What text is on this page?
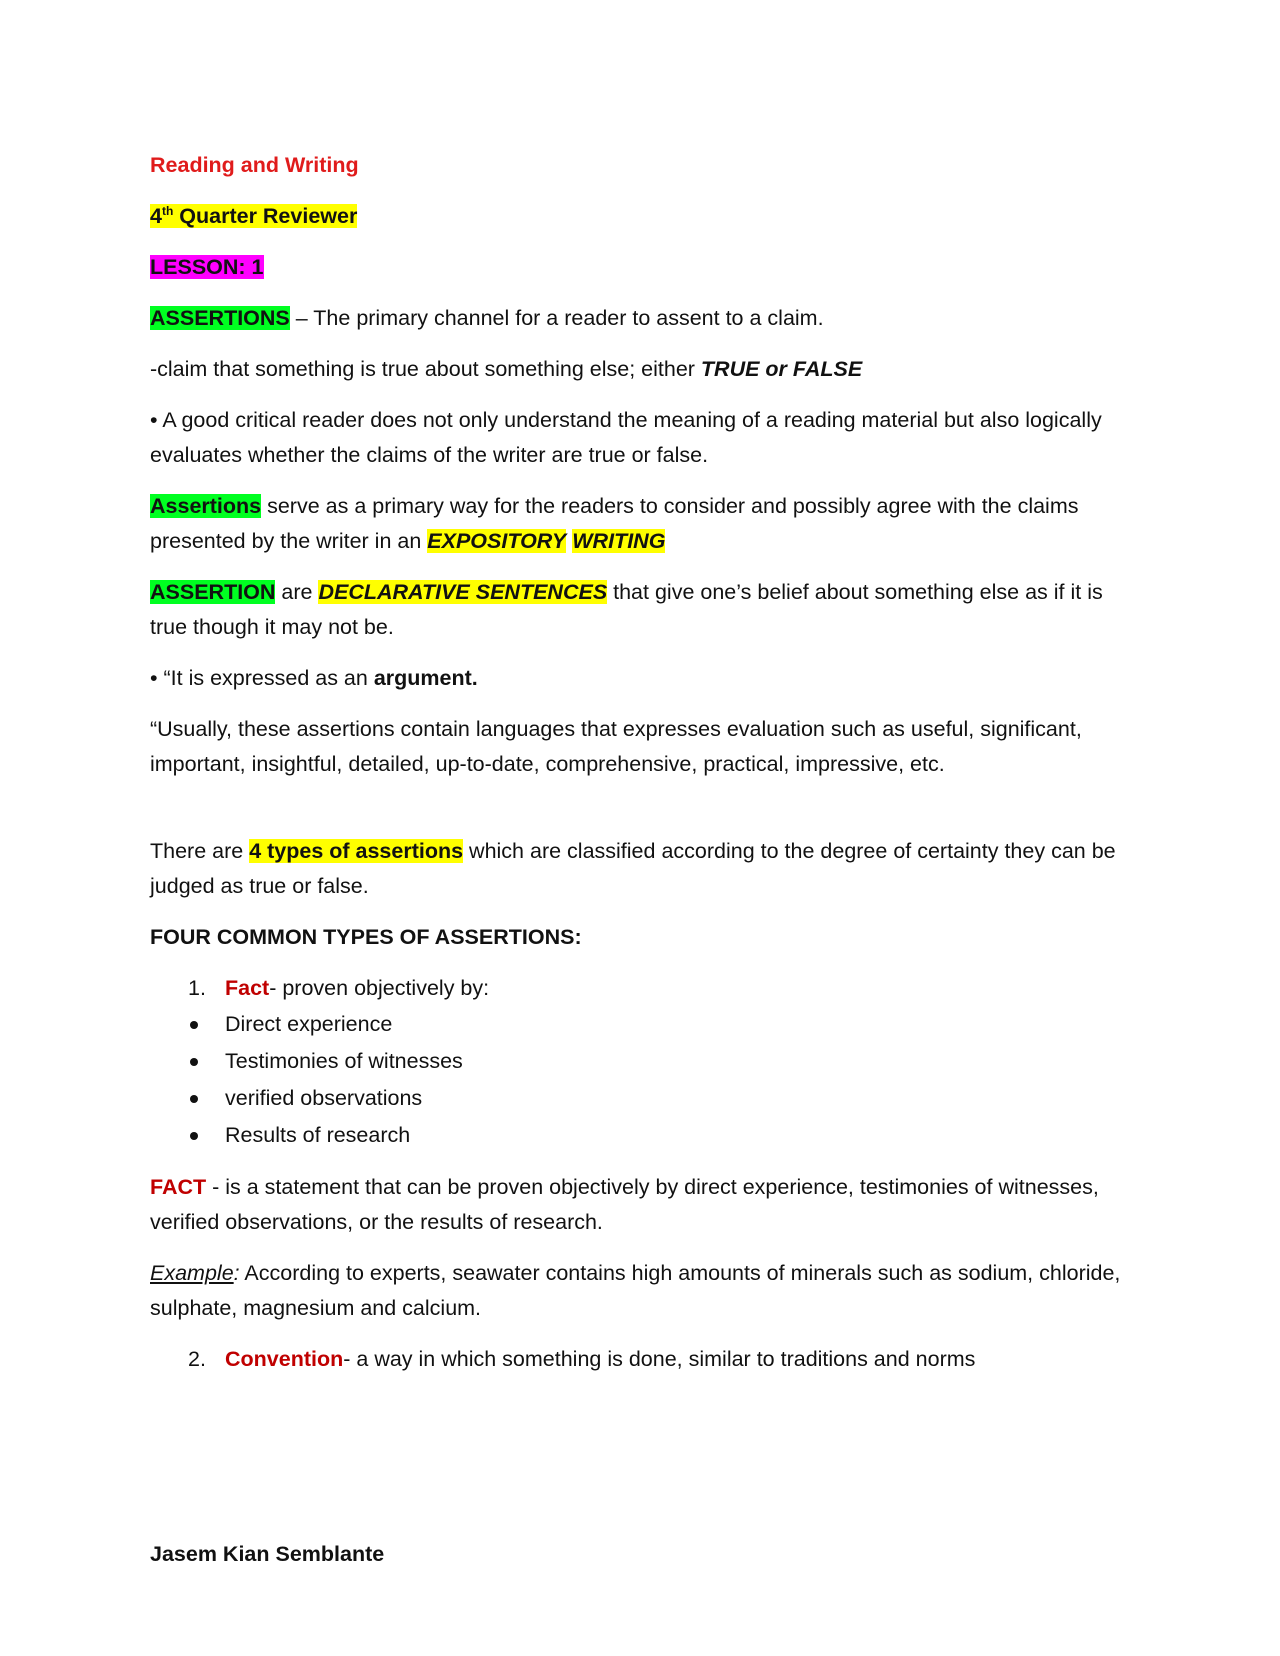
Reading and Writing

4th Quarter Reviewer

LESSON: 1

ASSERTIONS – The primary channel for a reader to assent to a claim.

-claim that something is true about something else; either TRUE or FALSE

• A good critical reader does not only understand the meaning of a reading material but also logically evaluates whether the claims of the writer are true or false.

Assertions serve as a primary way for the readers to consider and possibly agree with the claims presented by the writer in an EXPOSITORY WRITING

ASSERTION are DECLARATIVE SENTENCES that give one’s belief about something else as if it is true though it may not be.

• “It is expressed as an argument.

“Usually, these assertions contain languages that expresses evaluation such as useful, significant, important, insightful, detailed, up-to-date, comprehensive, practical, impressive, etc.

There are 4 types of assertions which are classified according to the degree of certainty they can be judged as true or false.

FOUR COMMON TYPES OF ASSERTIONS:

1. Fact- proven objectively by:
Direct experience
Testimonies of witnesses
verified observations
Results of research

FACT - is a statement that can be proven objectively by direct experience, testimonies of witnesses, verified observations, or the results of research.

Example: According to experts, seawater contains high amounts of minerals such as sodium, chloride, sulphate, magnesium and calcium.

2. Convention- a way in which something is done, similar to traditions and norms
Jasem Kian Semblante
